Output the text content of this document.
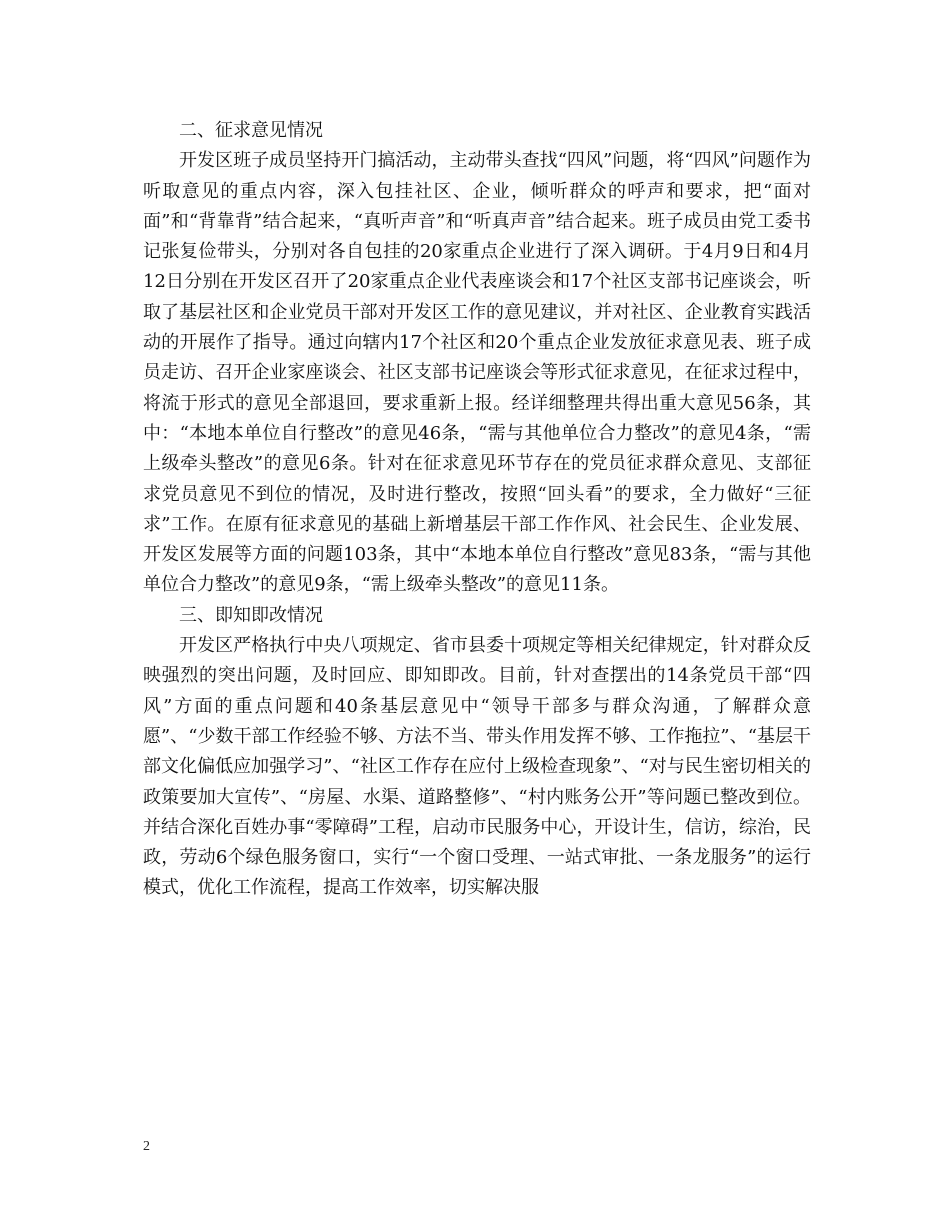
二、征求意见情况

开发区班子成员坚持开门搞活动，主动带头查找“四风”问题，将“四风”问题作为听取意见的重点内容，深入包挂社区、企业，倾听群众的呼声和要求，把“面对面”和“背靠背”结合起来，“真听声音”和“听真声音”结合起来。班子成员由党工委书记张复俭带头，分别对各自包挂的20家重点企业进行了深入调研。于4月9日和4月12日分别在开发区召开了20家重点企业代表座谈会和17个社区支部书记座谈会，听取了基层社区和企业党员干部对开发区工作的意见建议，并对社区、企业教育实践活动的开展作了指导。通过向辖内17个社区和20个重点企业发放征求意见表、班子成员走访、召开企业家座谈会、社区支部书记座谈会等形式征求意见，在征求过程中，将流于形式的意见全部退回，要求重新上报。经详细整理共得出重大意见56条，其中：“本地本单位自行整改”的意见46条，“需与其他单位合力整改”的意见4条，“需上级牵头整改”的意见6条。针对在征求意见环节存在的党员征求群众意见、支部征求党员意见不到位的情况，及时进行整改，按照“回头看”的要求，全力做好“三征求”工作。在原有征求意见的基础上新增基层干部工作作风、社会民生、企业发展、开发区发展等方面的问题103条，其中“本地本单位自行整改”意见83条，“需与其他单位合力整改”的意见9条，“需上级牵头整改”的意见11条。

三、即知即改情况

开发区严格执行中央八项规定、省市县委十项规定等相关纪律规定，针对群众反映强烈的突出问题，及时回应、即知即改。目前，针对查摆出的14条党员干部“四风”方面的重点问题和40条基层意见中“领导干部多与群众沟通，了解群众意愿”、“少数干部工作经验不够、方法不当、带头作用发挥不够、工作拖拉”、“基层干部文化偏低应加强学习”、“社区工作存在应付上级检查现象”、“对与民生密切相关的政策要加大宣传”、“房屋、水渠、道路整修”、“村内账务公开”等问题已整改到位。并结合深化百姓办事“零障碍”工程，启动市民服务中心，开设计生，信访，综治，民政，劳动6个绿色服务窗口，实行“一个窗口受理、一站式审批、一条龙服务”的运行模式，优化工作流程，提高工作效率，切实解决服

2
